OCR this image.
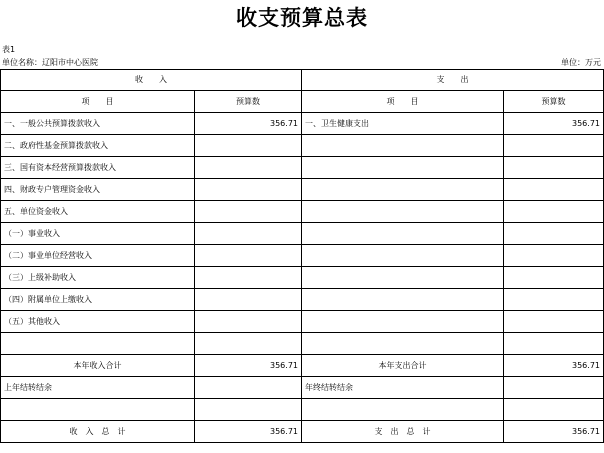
收支预算总表
表1
单位名称：辽阳市中心医院	单位：万元
收　　入		支　　出	
项　　目	预算数	项　　目	预算数
一、一般公共预算拨款收入	356.71	一、卫生健康支出	356.71
二、政府性基金预算拨款收入			
三、国有资本经营预算拨款收入			
四、财政专户管理资金收入			
五、单位资金收入			
（一）事业收入			
（二）事业单位经营收入			
（三）上级补助收入			
（四）附属单位上缴收入			
（五）其他收入			

本年收入合计	356.71	本年支出合计	356.71
上年结转结余		年终结转结余	

收　入　总　计	356.71	支　出　总　计	356.71
